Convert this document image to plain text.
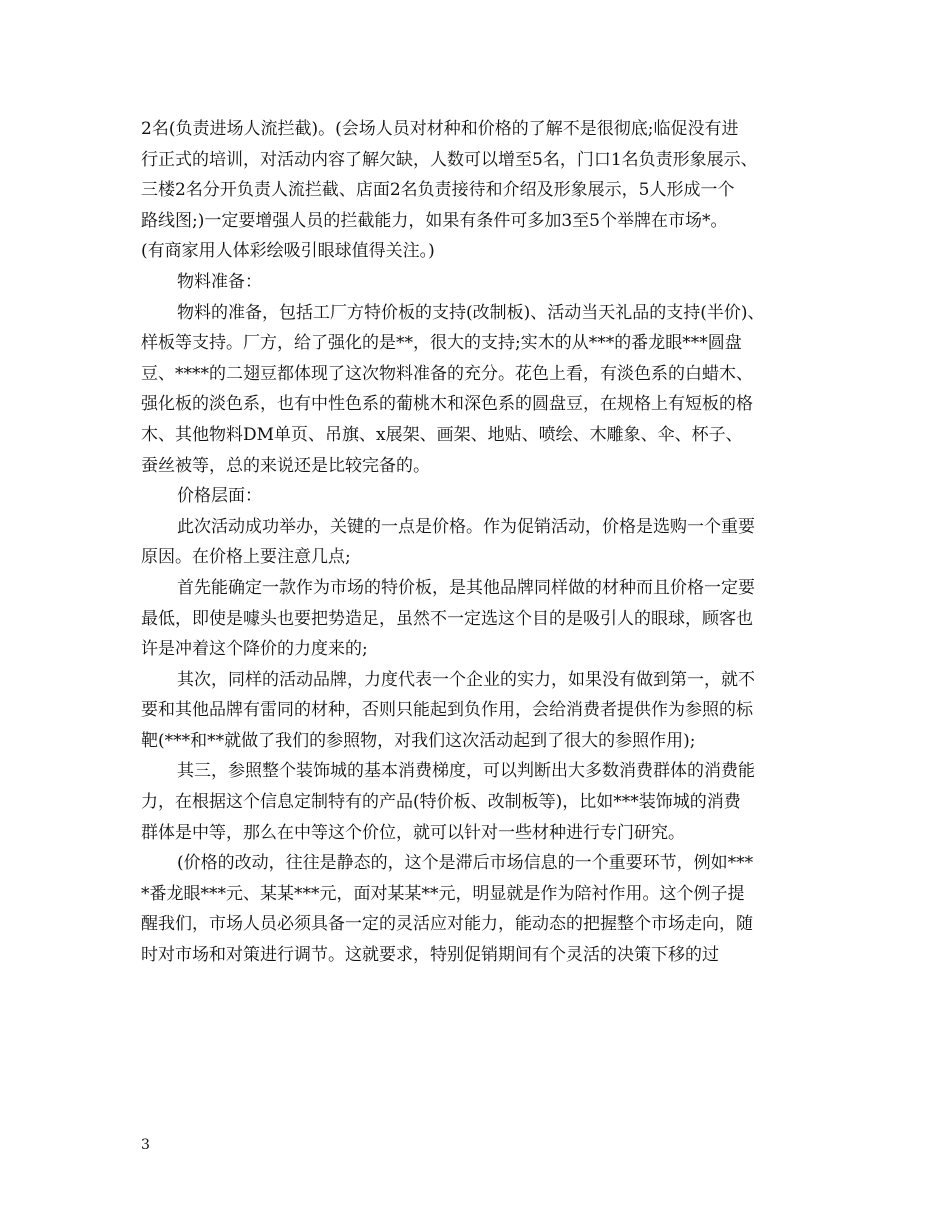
2名(负责进场人流拦截)。(会场人员对材种和价格的了解不是很彻底;临促没有进
行正式的培训，对活动内容了解欠缺，人数可以增至5名，门口1名负责形象展示、
三楼2名分开负责人流拦截、店面2名负责接待和介绍及形象展示，5人形成一个
路线图;)一定要增强人员的拦截能力，如果有条件可多加3至5个举牌在市场*。
(有商家用人体彩绘吸引眼球值得关注。)
物料准备：
物料的准备，包括工厂方特价板的支持(改制板)、活动当天礼品的支持(半价)、
样板等支持。厂方，给了强化的是**，很大的支持;实木的从***的番龙眼***圆盘
豆、****的二翅豆都体现了这次物料准备的充分。花色上看，有淡色系的白蜡木、
强化板的淡色系，也有中性色系的葡桃木和深色系的圆盘豆，在规格上有短板的格
木、其他物料DM单页、吊旗、x展架、画架、地贴、喷绘、木雕象、伞、杯子、
蚕丝被等，总的来说还是比较完备的。
价格层面：
此次活动成功举办，关键的一点是价格。作为促销活动，价格是选购一个重要
原因。在价格上要注意几点;
首先能确定一款作为市场的特价板，是其他品牌同样做的材种而且价格一定要
最低，即使是噱头也要把势造足，虽然不一定选这个目的是吸引人的眼球，顾客也
许是冲着这个降价的力度来的;
其次，同样的活动品牌，力度代表一个企业的实力，如果没有做到第一，就不
要和其他品牌有雷同的材种，否则只能起到负作用，会给消费者提供作为参照的标
靶(***和**就做了我们的参照物，对我们这次活动起到了很大的参照作用);
其三，参照整个装饰城的基本消费梯度，可以判断出大多数消费群体的消费能
力，在根据这个信息定制特有的产品(特价板、改制板等)，比如***装饰城的消费
群体是中等，那么在中等这个价位，就可以针对一些材种进行专门研究。
(价格的改动，往往是静态的，这个是滞后市场信息的一个重要环节，例如***
*番龙眼***元、某某***元，面对某某**元，明显就是作为陪衬作用。这个例子提
醒我们，市场人员必须具备一定的灵活应对能力，能动态的把握整个市场走向，随
时对市场和对策进行调节。这就要求，特别促销期间有个灵活的决策下移的过
3
